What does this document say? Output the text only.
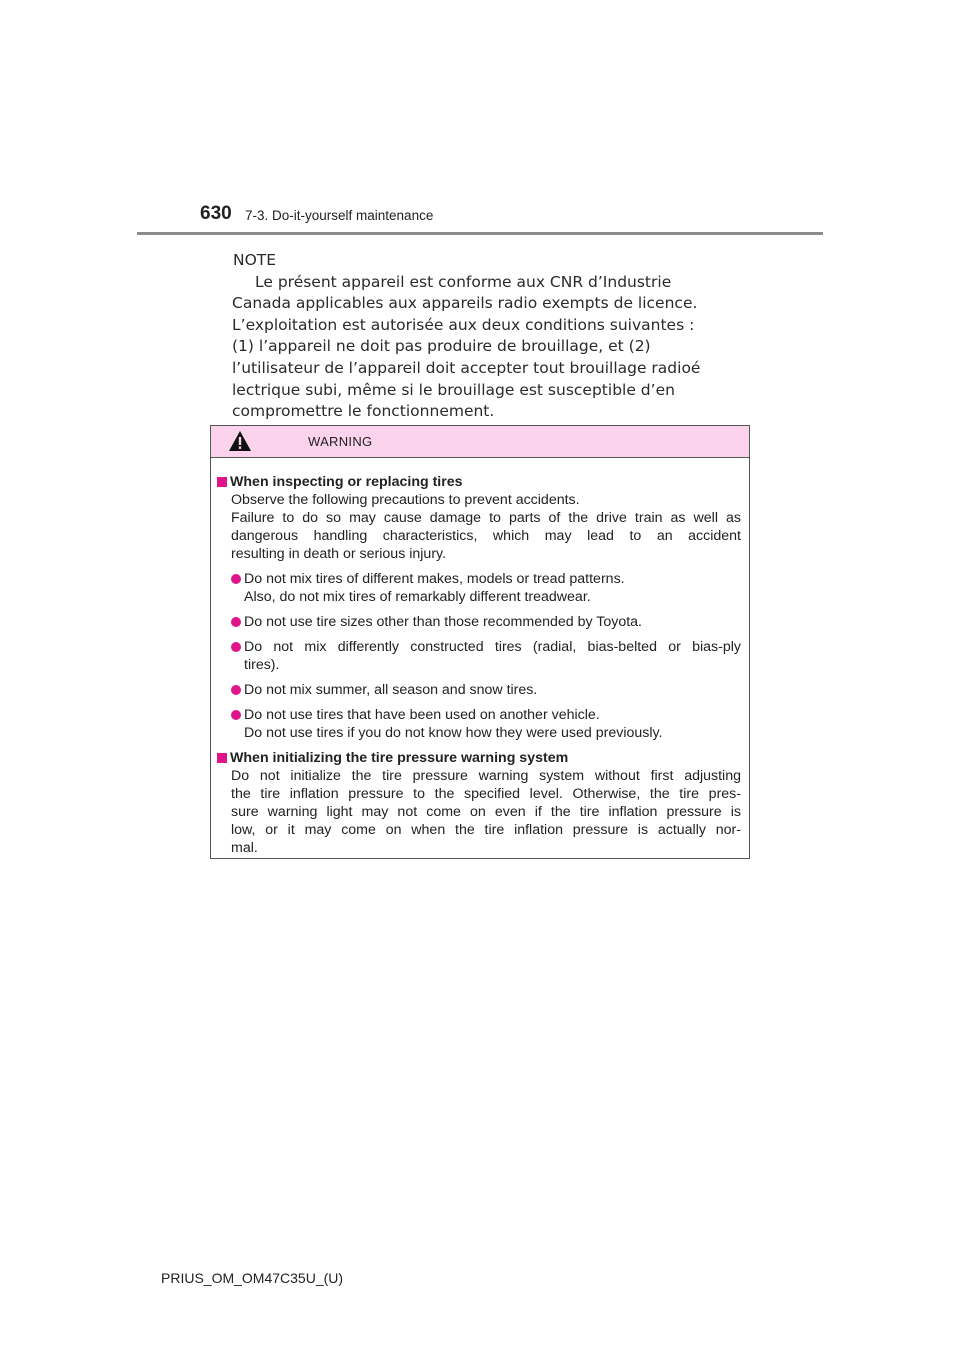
630 7-3. Do-it-yourself maintenance
NOTE
Le présent appareil est conforme aux CNR d’Industrie
Canada applicables aux appareils radio exempts de licence.
L’exploitation est autorisée aux deux conditions suivantes :
(1) l’appareil ne doit pas produire de brouillage, et (2)
l’utilisateur de l’appareil doit accepter tout brouillage radioé
lectrique subi, même si le brouillage est susceptible d’en
compromettre le fonctionnement.
WARNING
When inspecting or replacing tires
Observe the following precautions to prevent accidents.
Failure to do so may cause damage to parts of the drive train as well as
dangerous handling characteristics, which may lead to an accident
resulting in death or serious injury.
Do not mix tires of different makes, models or tread patterns.
Also, do not mix tires of remarkably different treadwear.
Do not use tire sizes other than those recommended by Toyota.
Do not mix differently constructed tires (radial, bias-belted or bias-ply
tires).
Do not mix summer, all season and snow tires.
Do not use tires that have been used on another vehicle.
Do not use tires if you do not know how they were used previously.
When initializing the tire pressure warning system
Do not initialize the tire pressure warning system without first adjusting
the tire inflation pressure to the specified level. Otherwise, the tire pres-
sure warning light may not come on even if the tire inflation pressure is
low, or it may come on when the tire inflation pressure is actually nor-
mal.
PRIUS_OM_OM47C35U_(U)
